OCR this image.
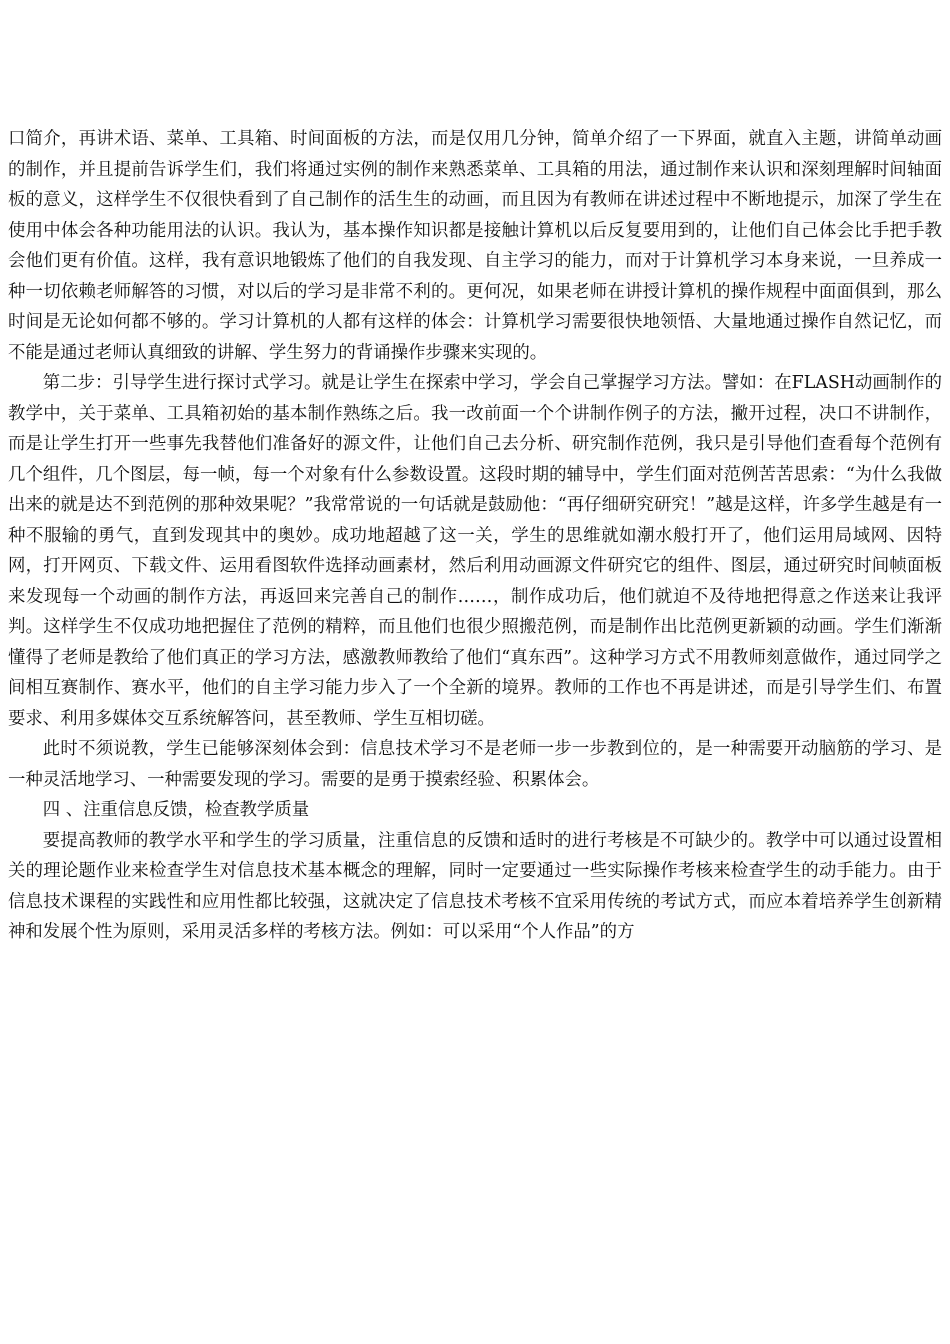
口简介，再讲术语、菜单、工具箱、时间面板的方法，而是仅用几分钟，简单介绍了一下界面，就直入主题，讲简单动画的制作，并且提前告诉学生们，我们将通过实例的制作来熟悉菜单、工具箱的用法，通过制作来认识和深刻理解时间轴面板的意义，这样学生不仅很快看到了自己制作的活生生的动画，而且因为有教师在讲述过程中不断地提示，加深了学生在使用中体会各种功能用法的认识。我认为，基本操作知识都是接触计算机以后反复要用到的，让他们自己体会比手把手教会他们更有价值。这样，我有意识地锻炼了他们的自我发现、自主学习的能力，而对于计算机学习本身来说，一旦养成一种一切依赖老师解答的习惯，对以后的学习是非常不利的。更何况，如果老师在讲授计算机的操作规程中面面俱到，那么时间是无论如何都不够的。学习计算机的人都有这样的体会：计算机学习需要很快地领悟、大量地通过操作自然记忆，而不能是通过老师认真细致的讲解、学生努力的背诵操作步骤来实现的。

第二步：引导学生进行探讨式学习。就是让学生在探索中学习，学会自己掌握学习方法。譬如：在FLASH动画制作的教学中，关于菜单、工具箱初始的基本制作熟练之后。我一改前面一个个讲制作例子的方法，撇开过程，决口不讲制作，而是让学生打开一些事先我替他们准备好的源文件，让他们自己去分析、研究制作范例，我只是引导他们查看每个范例有几个组件，几个图层，每一帧，每一个对象有什么参数设置。这段时期的辅导中，学生们面对范例苦苦思索：“为什么我做出来的就是达不到范例的那种效果呢？”我常常说的一句话就是鼓励他：“再仔细研究研究！”越是这样，许多学生越是有一种不服输的勇气，直到发现其中的奥妙。成功地超越了这一关，学生的思维就如潮水般打开了，他们运用局域网、因特网，打开网页、下载文件、运用看图软件选择动画素材，然后利用动画源文件研究它的组件、图层，通过研究时间帧面板来发现每一个动画的制作方法，再返回来完善自己的制作……，制作成功后，他们就迫不及待地把得意之作送来让我评判。这样学生不仅成功地把握住了范例的精粹，而且他们也很少照搬范例，而是制作出比范例更新颖的动画。学生们渐渐懂得了老师是教给了他们真正的学习方法，感激教师教给了他们“真东西”。这种学习方式不用教师刻意做作，通过同学之间相互赛制作、赛水平，他们的自主学习能力步入了一个全新的境界。教师的工作也不再是讲述，而是引导学生们、布置要求、利用多媒体交互系统解答问，甚至教师、学生互相切磋。

此时不须说教，学生已能够深刻体会到：信息技术学习不是老师一步一步教到位的，是一种需要开动脑筋的学习、是一种灵活地学习、一种需要发现的学习。需要的是勇于摸索经验、积累体会。

四 、注重信息反馈，检查教学质量

要提高教师的教学水平和学生的学习质量，注重信息的反馈和适时的进行考核是不可缺少的。教学中可以通过设置相关的理论题作业来检查学生对信息技术基本概念的理解，同时一定要通过一些实际操作考核来检查学生的动手能力。由于信息技术课程的实践性和应用性都比较强，这就决定了信息技术考核不宜采用传统的考试方式，而应本着培养学生创新精神和发展个性为原则，采用灵活多样的考核方法。例如：可以采用“个人作品”的方
